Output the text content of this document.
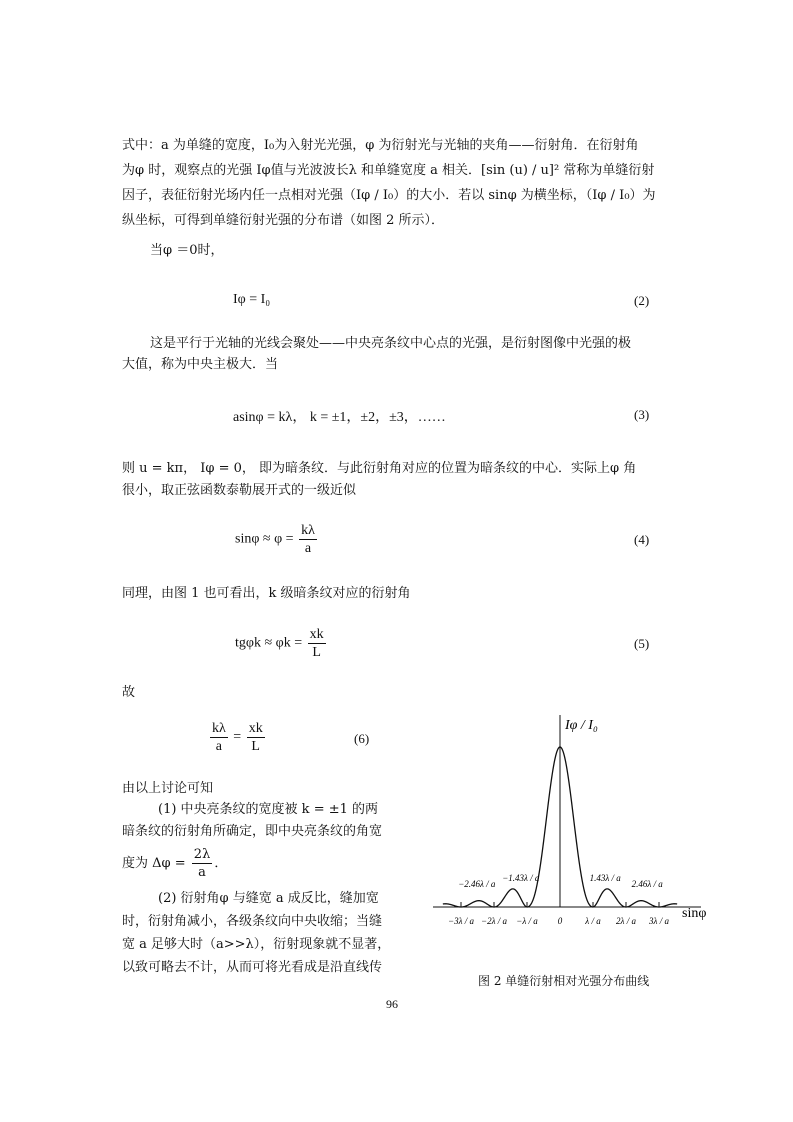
式中：a 为单缝的宽度，I₀为入射光光强，φ 为衍射光与光轴的夹角——衍射角．在衍射角
为φ 时，观察点的光强 Iφ值与光波波长λ 和单缝宽度 a 相关．[sin (u) / u]² 常称为单缝衍射
因子，表征衍射光场内任一点相对光强（Iφ / I₀）的大小．若以 sinφ 为横坐标，（Iφ / I₀）为
纵坐标，可得到单缝衍射光强的分布谱（如图 2 所示）．
当φ ＝0时，
Iφ = I₀	(2)
这是平行于光轴的光线会聚处——中央亮条纹中心点的光强，是衍射图像中光强的极
大值，称为中央主极大．当
asinφ = kλ， k = ±1，±2，±3，……	(3)
则 u = kπ， Iφ = 0， 即为暗条纹．与此衍射角对应的位置为暗条纹的中心．实际上φ 角
很小，取正弦函数泰勒展开式的一级近似
$\sin\varphi \approx \varphi = \frac{k\lambda}{a}$	(4)
同理，由图 1 也可看出，k 级暗条纹对应的衍射角
$tg\varphi k \approx \varphi k = \frac{xk}{L}$	(5)
故
$\frac{k\lambda}{a} = \frac{xk}{L}$	(6)
由以上讨论可知
(1) 中央亮条纹的宽度被 k = ±1 的两
暗条纹的衍射角所确定，即中央亮条纹的角宽
度为 $\Delta\varphi = \frac{2\lambda}{a}$ ．
(2) 衍射角φ 与缝宽 a 成反比，缝加宽
时，衍射角减小，各级条纹向中央收缩；当缝
宽 a 足够大时（a>>λ），衍射现象就不显著，
以致可略去不计，从而可将光看成是沿直线传
−3λ / a −2λ / a −λ / a 0	λ / a 2λ / a 3λ / a
−2.46λ / a
−1.43λ / a	1.43λ / a
2.46λ / a
Iφ / I₀
sinφ
图 2 单缝衍射相对光强分布曲线
96
